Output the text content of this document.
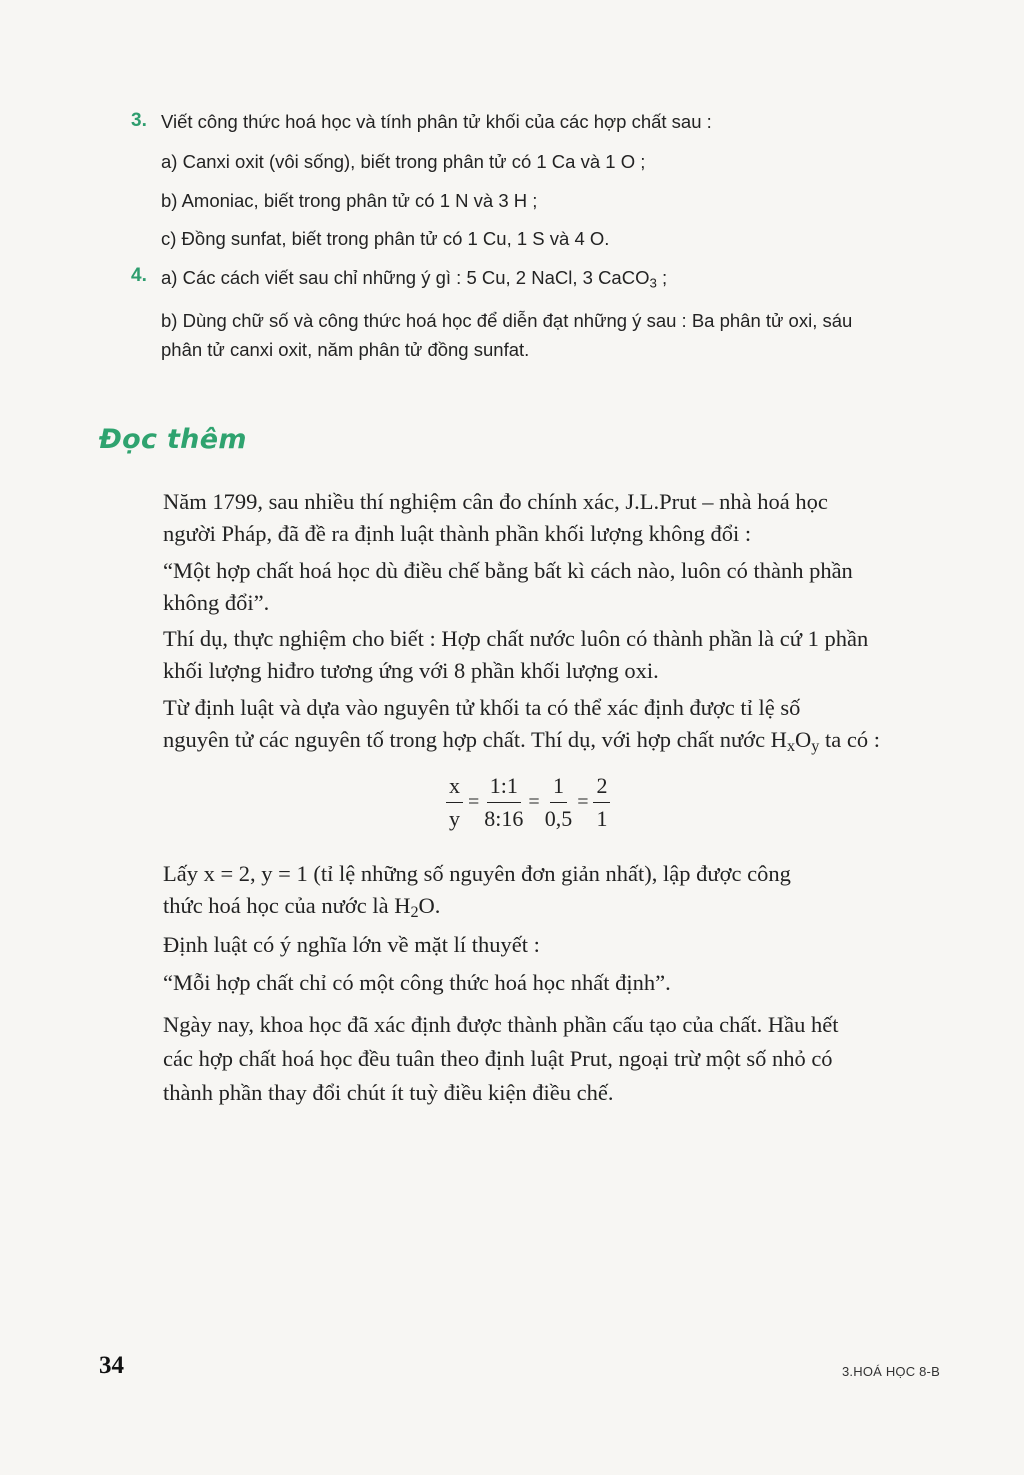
3. Viết công thức hoá học và tính phân tử khối của các hợp chất sau :
a) Canxi oxit (vôi sống), biết trong phân tử có 1 Ca và 1 O ;
b) Amoniac, biết trong phân tử có 1 N và 3 H ;
c) Đồng sunfat, biết trong phân tử có 1 Cu, 1 S và 4 O.
4. a) Các cách viết sau chỉ những ý gì : 5 Cu, 2 NaCl, 3 CaCO$_3$ ;
b) Dùng chữ số và công thức hoá học để diễn đạt những ý sau : Ba phân tử oxi, sáu
phân tử canxi oxit, năm phân tử đồng sunfat.
Đọc thêm
Năm 1799, sau nhiều thí nghiệm cân đo chính xác, J.L.Prut – nhà hoá học
người Pháp, đã đề ra định luật thành phần khối lượng không đổi :
“Một hợp chất hoá học dù điều chế bằng bất kì cách nào, luôn có thành phần
không đổi”.
Thí dụ, thực nghiệm cho biết : Hợp chất nước luôn có thành phần là cứ 1 phần
khối lượng hiđro tương ứng với 8 phần khối lượng oxi.
Từ định luật và dựa vào nguyên tử khối ta có thể xác định được tỉ lệ số
nguyên tử các nguyên tố trong hợp chất. Thí dụ, với hợp chất nước $H_xO_y$ ta có :
$\frac{x}{y} = \frac{1:1}{8:16} = \frac{1}{0,5} = \frac{2}{1}$
Lấy x = 2, y = 1 (tỉ lệ những số nguyên đơn giản nhất), lập được công
thức hoá học của nước là $H_2O$.
Định luật có ý nghĩa lớn về mặt lí thuyết :
“Mỗi hợp chất chỉ có một công thức hoá học nhất định”.
Ngày nay, khoa học đã xác định được thành phần cấu tạo của chất. Hầu hết
các hợp chất hoá học đều tuân theo định luật Prut, ngoại trừ một số nhỏ có
thành phần thay đổi chút ít tuỳ điều kiện điều chế.
34	3.HOÁ HỌC 8-B
